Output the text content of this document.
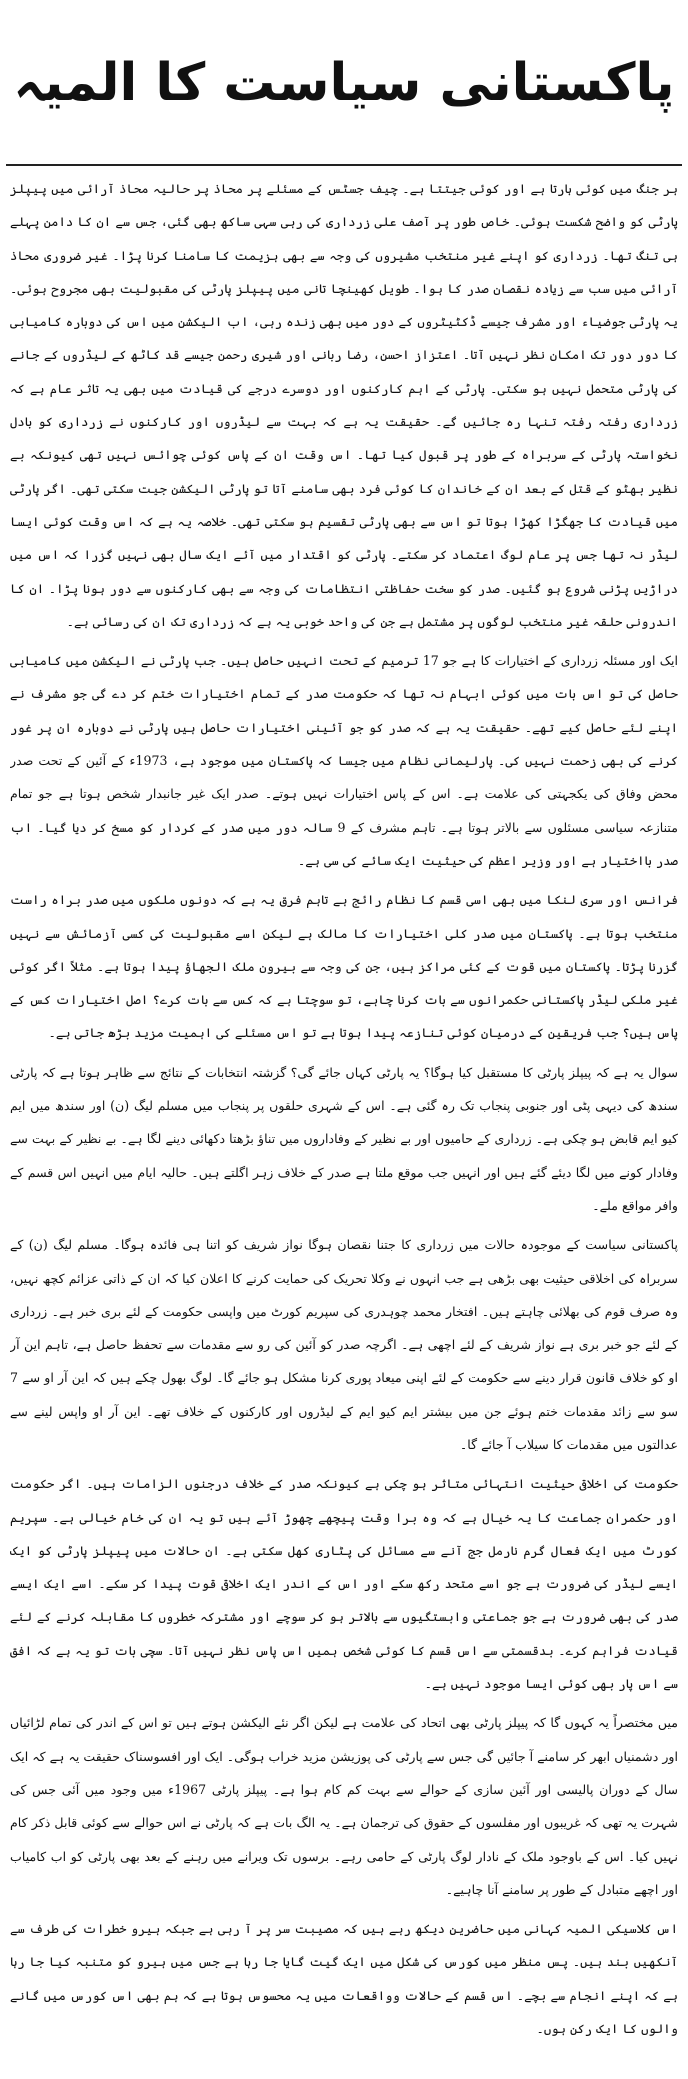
پاکستانی سیاست کا المیہ

ہر جنگ میں کوئی ہارتا ہے اور کوئی جیتتا ہے۔ چیف جسٹس کے مسئلے پر محاذ پر حالیہ محاذ آرائی میں پیپلز پارٹی کو واضح شکست ہوئی۔ خاص طور پر آصف علی زرداری کی رہی سہی ساکھ بھی گئی، جس سے ان کا دامن پہلے ہی تنگ تھا۔ زرداری کو اپنے غیر منتخب مشیروں کی وجہ سے بھی ہزیمت کا سامنا کرنا پڑا۔ غیر ضروری محاذ آرائی میں سب سے زیادہ نقصان صدر کا ہوا۔ طویل کھینچا تانی میں پیپلز پارٹی کی مقبولیت بھی مجروح ہوئی۔ یہ پارٹی جوضیاء اور مشرف جیسے ڈکٹیٹروں کے دور میں بھی زندہ رہی، اب الیکشن میں اس کی دوبارہ کامیابی کا دور دور تک امکان نظر نہیں آتا۔ اعتزاز احسن، رضا ربانی اور شیری رحمن جیسے قد کاٹھ کے لیڈروں کے جانے کی پارٹی متحمل نہیں ہو سکتی۔ پارٹی کے اہم کارکنوں اور دوسرے درجے کی قیادت میں بھی یہ تاثر عام ہے کہ زرداری رفتہ رفتہ تنہا رہ جائیں گے۔ حقیقت یہ ہے کہ بہت سے لیڈروں اور کارکنوں نے زرداری کو بادل نخواستہ پارٹی کے سربراہ کے طور پر قبول کیا تھا۔ اس وقت ان کے پاس کوئی چوائس نہیں تھی کیونکہ بے نظیر بھٹو کے قتل کے بعد ان کے خاندان کا کوئی فرد بھی سامنے آتا تو پارٹی الیکشن جیت سکتی تھی۔ اگر پارٹی میں قیادت کا جھگڑا کھڑا ہوتا تو اس سے بھی پارٹی تقسیم ہو سکتی تھی۔ خلاصہ یہ ہے کہ اس وقت کوئی ایسا لیڈر نہ تھا جس پر عام لوگ اعتماد کر سکتے۔ پارٹی کو اقتدار میں آئے ایک سال بھی نہیں گزرا کہ اس میں دراڑیں پڑنی شروع ہو گئیں۔ صدر کو سخت حفاظتی انتظامات کی وجہ سے بھی کارکنوں سے دور ہونا پڑا۔ ان کا اندرونی حلقہ غیر منتخب لوگوں پر مشتمل ہے جن کی واحد خوبی یہ ہے کہ زرداری تک ان کی رسائی ہے۔

ایک اور مسئلہ زرداری کے اختیارات کا ہے جو 17 ترمیم کے تحت انہیں حاصل ہیں۔ جب پارٹی نے الیکشن میں کامیابی حاصل کی تو اس بات میں کوئی ابہام نہ تھا کہ حکومت صدر کے تمام اختیارات ختم کر دے گی جو مشرف نے اپنے لئے حاصل کیے تھے۔ حقیقت یہ ہے کہ صدر کو جو آئینی اختیارات حاصل ہیں پارٹی نے دوبارہ ان پر غور کرنے کی بھی زحمت نہیں کی۔ پارلیمانی نظام میں جیسا کہ پاکستان میں موجود ہے، 1973ء کے آئین کے تحت صدر محض وفاق کی یکجہتی کی علامت ہے۔ اس کے پاس اختیارات نہیں ہوتے۔ صدر ایک غیر جانبدار شخص ہوتا ہے جو تمام متنازعہ سیاسی مسئلوں سے بالاتر ہوتا ہے۔ تاہم مشرف کے 9 سالہ دور میں صدر کے کردار کو مسخ کر دیا گیا۔ اب صدر بااختیار ہے اور وزیر اعظم کی حیثیت ایک سائے کی سی ہے۔

فرانس اور سری لنکا میں بھی اسی قسم کا نظام رائج ہے تاہم فرق یہ ہے کہ دونوں ملکوں میں صدر براہ راست منتخب ہوتا ہے۔ پاکستان میں صدر کلی اختیارات کا مالک ہے لیکن اسے مقبولیت کی کسی آزمائش سے نہیں گزرنا پڑتا۔ پاکستان میں قوت کے کئی مراکز ہیں، جن کی وجہ سے بیرون ملک الجھاؤ پیدا ہوتا ہے۔ مثلاً اگر کوئی غیر ملکی لیڈر پاکستانی حکمرانوں سے بات کرنا چاہے، تو سوچتا ہے کہ کس سے بات کرے؟ اصل اختیارات کس کے پاس ہیں؟ جب فریقین کے درمیان کوئی تنازعہ پیدا ہوتا ہے تو اس مسئلے کی اہمیت مزید بڑھ جاتی ہے۔

سوال یہ ہے کہ پیپلز پارٹی کا مستقبل کیا ہوگا؟ یہ پارٹی کہاں جائے گی؟ گزشتہ انتخابات کے نتائج سے ظاہر ہوتا ہے کہ پارٹی سندھ کی دیہی پٹی اور جنوبی پنجاب تک رہ گئی ہے۔ اس کے شہری حلقوں پر پنجاب میں مسلم لیگ (ن) اور سندھ میں ایم کیو ایم قابض ہو چکی ہے۔ زرداری کے حامیوں اور بے نظیر کے وفاداروں میں تناؤ بڑھتا دکھائی دینے لگا ہے۔ بے نظیر کے بہت سے وفادار کونے میں لگا دیئے گئے ہیں اور انہیں جب موقع ملتا ہے صدر کے خلاف زہر اگلتے ہیں۔ حالیہ ایام میں انہیں اس قسم کے وافر مواقع ملے۔

پاکستانی سیاست کے موجودہ حالات میں زرداری کا جتنا نقصان ہوگا نواز شریف کو اتنا ہی فائدہ ہوگا۔ مسلم لیگ (ن) کے سربراہ کی اخلاقی حیثیت بھی بڑھی ہے جب انہوں نے وکلا تحریک کی حمایت کرنے کا اعلان کیا کہ ان کے ذاتی عزائم کچھ نہیں، وہ صرف قوم کی بھلائی چاہتے ہیں۔ افتخار محمد چوہدری کی سپریم کورٹ میں واپسی حکومت کے لئے بری خبر ہے۔ زرداری کے لئے جو خبر بری ہے نواز شریف کے لئے اچھی ہے۔ اگرچہ صدر کو آئین کی رو سے مقدمات سے تحفظ حاصل ہے، تاہم این آر او کو خلاف قانون قرار دینے سے حکومت کے لئے اپنی میعاد پوری کرنا مشکل ہو جائے گا۔ لوگ بھول چکے ہیں کہ این آر او سے 7 سو سے زائد مقدمات ختم ہوئے جن میں بیشتر ایم کیو ایم کے لیڈروں اور کارکنوں کے خلاف تھے۔ این آر او واپس لینے سے عدالتوں میں مقدمات کا سیلاب آ جائے گا۔

حکومت کی اخلاقی حیثیت انتہائی متاثر ہو چکی ہے کیونکہ صدر کے خلاف درجنوں الزامات ہیں۔ اگر حکومت اور حکمران جماعت کا یہ خیال ہے کہ وہ برا وقت پیچھے چھوڑ آئے ہیں تو یہ ان کی خام خیالی ہے۔ سپریم کورٹ میں ایک فعال گرم نارمل جج آنے سے مسائل کی پٹاری کھل سکتی ہے۔ ان حالات میں پیپلز پارٹی کو ایک ایسے لیڈر کی ضرورت ہے جو اسے متحد رکھ سکے اور اس کے اندر ایک اخلاقی قوت پیدا کر سکے۔ اسے ایک ایسے صدر کی بھی ضرورت ہے جو جماعتی وابستگیوں سے بالاتر ہو کر سوچے اور مشترکہ خطروں کا مقابلہ کرنے کے لئے قیادت فراہم کرے۔ بدقسمتی سے اس قسم کا کوئی شخص ہمیں اس پاس نظر نہیں آتا۔ سچی بات تو یہ ہے کہ افق سے اس پار بھی کوئی ایسا موجود نہیں ہے۔

میں مختصراً یہ کہوں گا کہ پیپلز پارٹی بھی اتحاد کی علامت ہے لیکن اگر نئے الیکشن ہوتے ہیں تو اس کے اندر کی تمام لڑائیاں اور دشمنیاں ابھر کر سامنے آ جائیں گی جس سے پارٹی کی پوزیشن مزید خراب ہوگی۔ ایک اور افسوسناک حقیقت یہ ہے کہ ایک سال کے دوران پالیسی اور آئین سازی کے حوالے سے بہت کم کام ہوا ہے۔ پیپلز پارٹی 1967ء میں وجود میں آئی جس کی شہرت یہ تھی کہ غریبوں اور مفلسوں کے حقوق کی ترجمان ہے۔ یہ الگ بات ہے کہ پارٹی نے اس حوالے سے کوئی قابل ذکر کام نہیں کیا۔ اس کے باوجود ملک کے نادار لوگ پارٹی کے حامی رہے۔ برسوں تک ویرانے میں رہنے کے بعد بھی پارٹی کو اب کامیاب اور اچھے متبادل کے طور پر سامنے آنا چاہیے۔

اس کلاسیکی المیہ کہانی میں حاضرین دیکھ رہے ہیں کہ مصیبت سر پر آ رہی ہے جبکہ ہیرو خطرات کی طرف سے آنکھیں بند ہیں۔ پس منظر میں کورس کی شکل میں ایک گیت گایا جا رہا ہے جس میں ہیرو کو متنبہ کیا جا رہا ہے کہ اپنے انجام سے بچے۔ اس قسم کے حالات وواقعات میں یہ محسوس ہوتا ہے کہ ہم بھی اس کورس میں گانے والوں کا ایک رکن ہوں۔
